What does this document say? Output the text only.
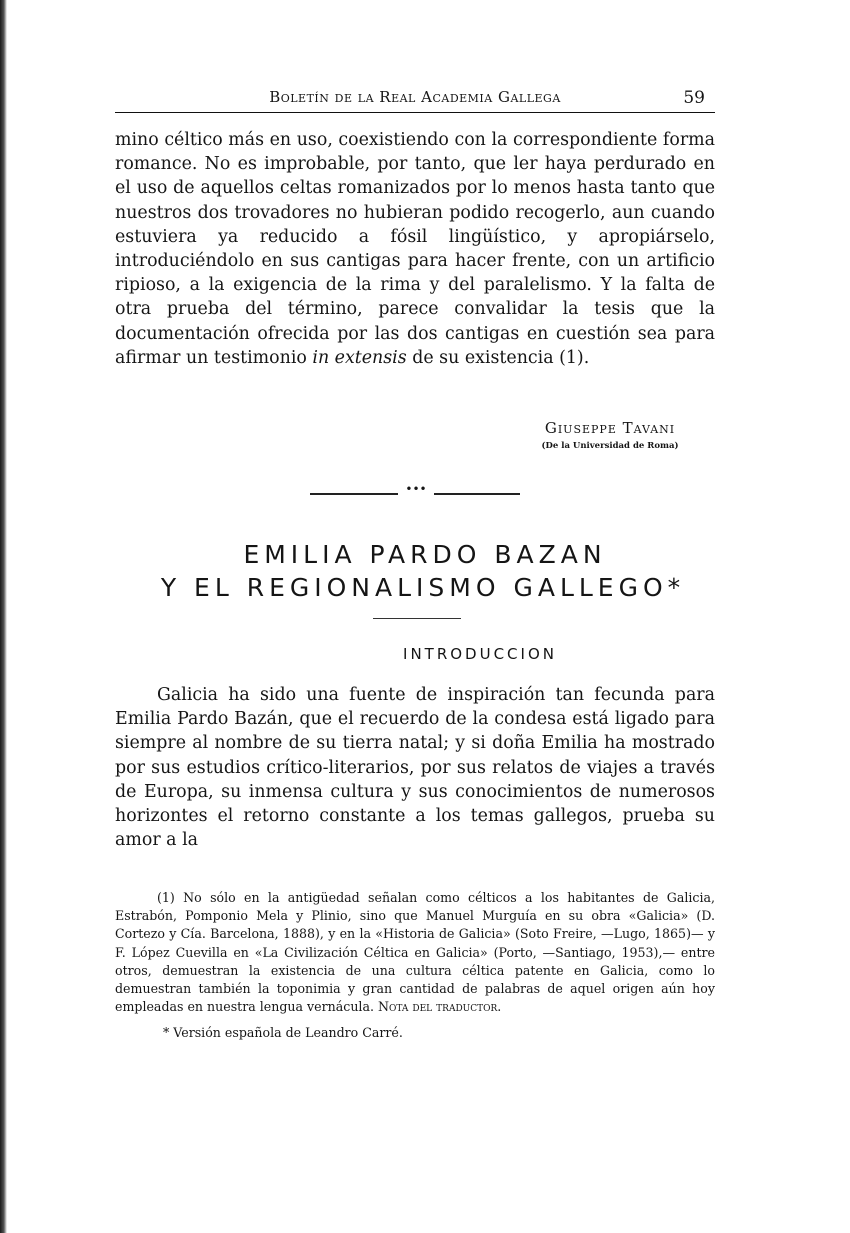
Boletín de la Real Academia Gallega	59

mino céltico más en uso, coexistiendo con la correspondiente forma romance. No es improbable, por tanto, que ler haya perdurado en el uso de aquellos celtas romanizados por lo menos hasta tanto que nuestros dos trovadores no hubieran podido recogerlo, aun cuando estuviera ya reducido a fósil lingüístico, y apropiárselo, introduciéndolo en sus cantigas para hacer frente, con un artificio ripioso, a la exigencia de la rima y del paralelismo. Y la falta de otra prueba del término, parece convalidar la tesis que la documentación ofrecida por las dos cantigas en cuestión sea para afirmar un testimonio in extensis de su existencia (1).

Giuseppe Tavani
(De la Universidad de Roma)
•••
EMILIA PARDO BAZAN
Y EL REGIONALISMO GALLEGO*
INTRODUCCION

Galicia ha sido una fuente de inspiración tan fecunda para Emilia Pardo Bazán, que el recuerdo de la condesa está ligado para siempre al nombre de su tierra natal; y si doña Emilia ha mostrado por sus estudios crítico-literarios, por sus relatos de viajes a través de Europa, su inmensa cultura y sus conocimientos de numerosos horizontes el retorno constante a los temas gallegos, prueba su amor a la

(1) No sólo en la antigüedad señalan como célticos a los habitantes de Galicia, Estrabón, Pomponio Mela y Plinio, sino que Manuel Murguía en su obra «Galicia» (D. Cortezo y Cía. Barcelona, 1888), y en la «Historia de Galicia» (Soto Freire, —Lugo, 1865)— y F. López Cuevilla en «La Civilización Céltica en Galicia» (Porto, —Santiago, 1953),— entre otros, demuestran la existencia de una cultura céltica patente en Galicia, como lo demuestran también la toponimia y gran cantidad de palabras de aquel origen aún hoy empleadas en nuestra lengua vernácula. Nota del traductor.

* Versión española de Leandro Carré.
